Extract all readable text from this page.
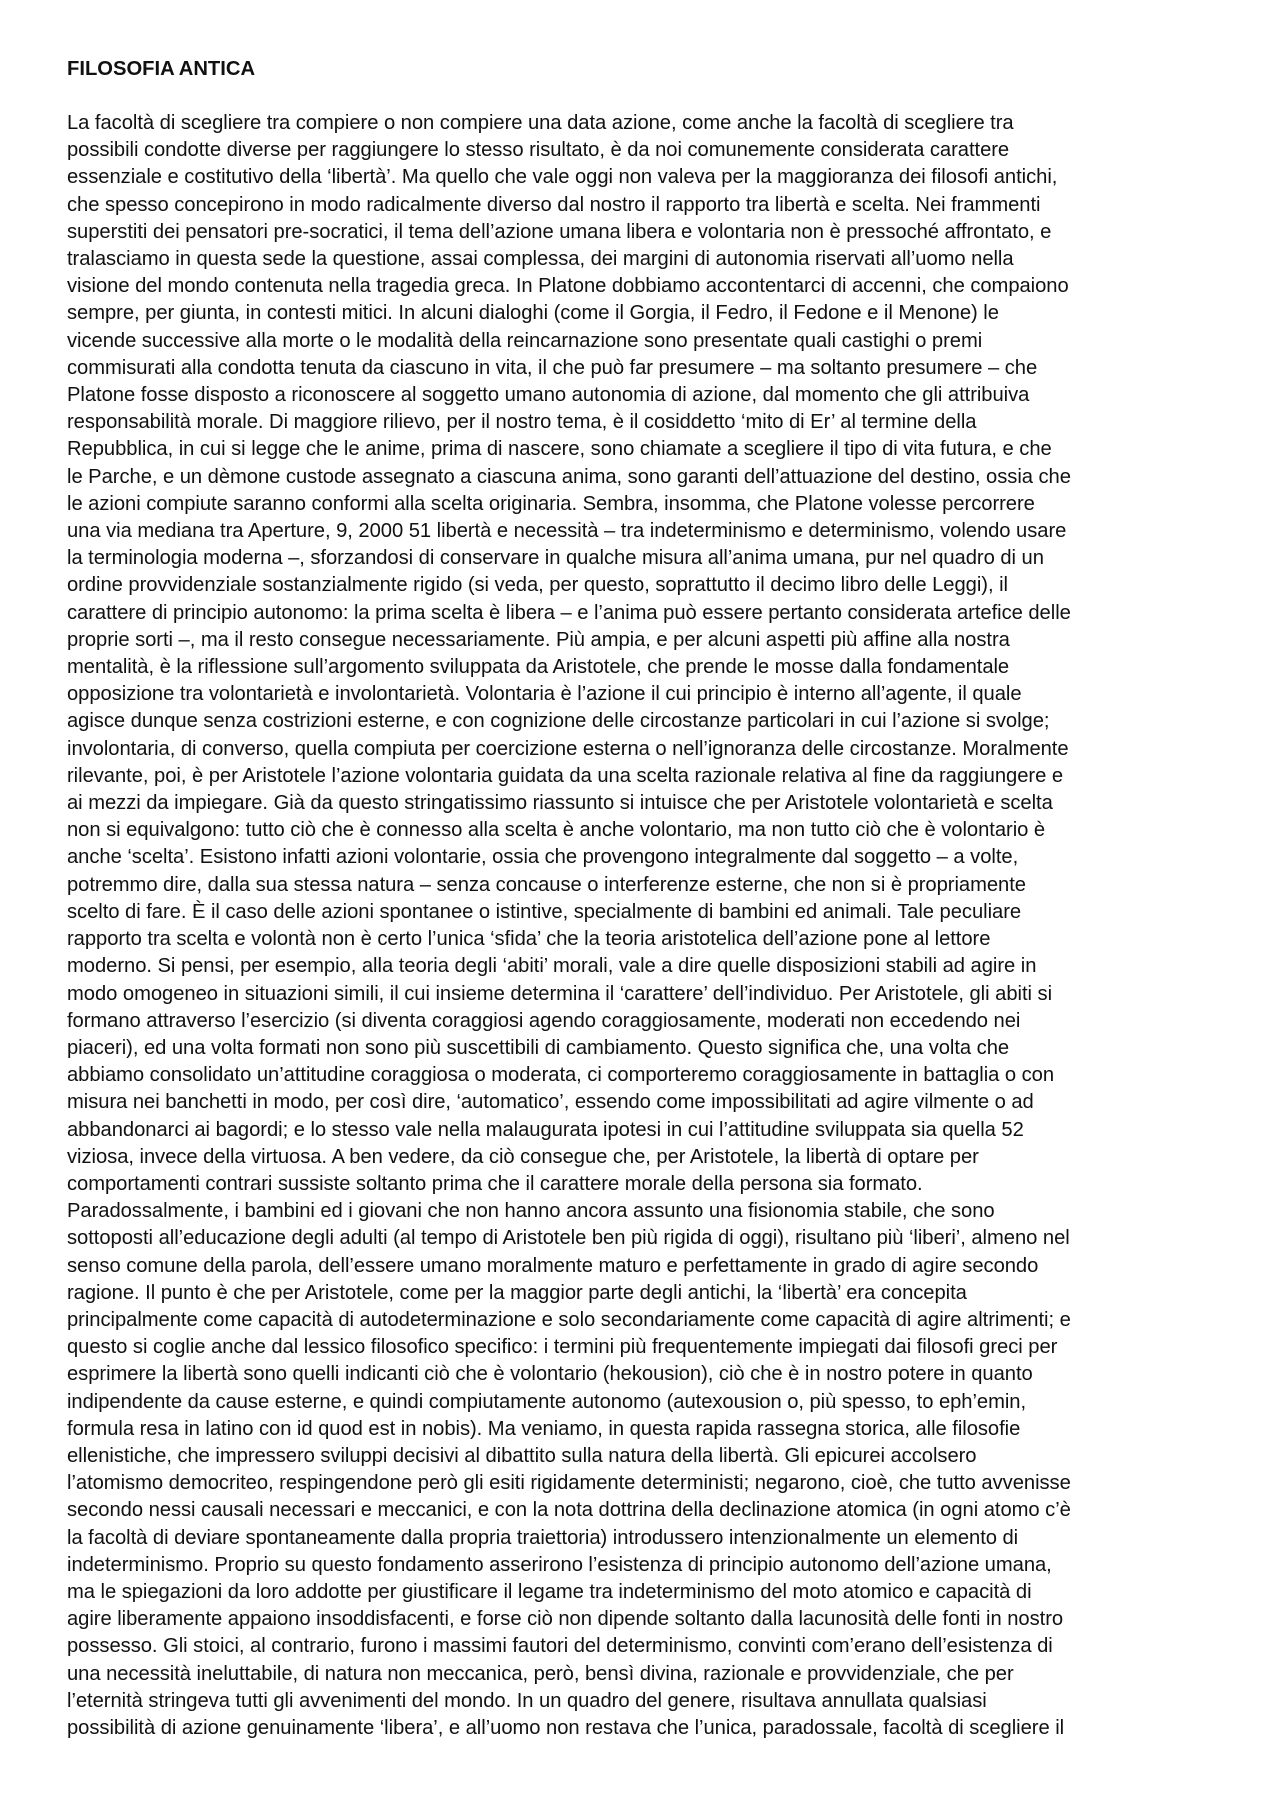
FILOSOFIA ANTICA
La facoltà di scegliere tra compiere o non compiere una data azione, come anche la facoltà di scegliere tra
possibili condotte diverse per raggiungere lo stesso risultato, è da noi comunemente considerata carattere
essenziale e costitutivo della ‘libertà’. Ma quello che vale oggi non valeva per la maggioranza dei filosofi antichi,
che spesso concepirono in modo radicalmente diverso dal nostro il rapporto tra libertà e scelta. Nei frammenti
superstiti dei pensatori pre-socratici, il tema dell’azione umana libera e volontaria non è pressoché affrontato, e
tralasciamo in questa sede la questione, assai complessa, dei margini di autonomia riservati all’uomo nella
visione del mondo contenuta nella tragedia greca. In Platone dobbiamo accontentarci di accenni, che compaiono
sempre, per giunta, in contesti mitici. In alcuni dialoghi (come il Gorgia, il Fedro, il Fedone e il Menone) le
vicende successive alla morte o le modalità della reincarnazione sono presentate quali castighi o premi
commisurati alla condotta tenuta da ciascuno in vita, il che può far presumere – ma soltanto presumere – che
Platone fosse disposto a riconoscere al soggetto umano autonomia di azione, dal momento che gli attribuiva
responsabilità morale. Di maggiore rilievo, per il nostro tema, è il cosiddetto ‘mito di Er’ al termine della
Repubblica, in cui si legge che le anime, prima di nascere, sono chiamate a scegliere il tipo di vita futura, e che
le Parche, e un dèmone custode assegnato a ciascuna anima, sono garanti dell’attuazione del destino, ossia che
le azioni compiute saranno conformi alla scelta originaria. Sembra, insomma, che Platone volesse percorrere
una via mediana tra Aperture, 9, 2000 51 libertà e necessità – tra indeterminismo e determinismo, volendo usare
la terminologia moderna –, sforzandosi di conservare in qualche misura all’anima umana, pur nel quadro di un
ordine provvidenziale sostanzialmente rigido (si veda, per questo, soprattutto il decimo libro delle Leggi), il
carattere di principio autonomo: la prima scelta è libera – e l’anima può essere pertanto considerata artefice delle
proprie sorti –, ma il resto consegue necessariamente. Più ampia, e per alcuni aspetti più affine alla nostra
mentalità, è la riflessione sull’argomento sviluppata da Aristotele, che prende le mosse dalla fondamentale
opposizione tra volontarietà e involontarietà. Volontaria è l’azione il cui principio è interno all’agente, il quale
agisce dunque senza costrizioni esterne, e con cognizione delle circostanze particolari in cui l’azione si svolge;
involontaria, di converso, quella compiuta per coercizione esterna o nell’ignoranza delle circostanze. Moralmente
rilevante, poi, è per Aristotele l’azione volontaria guidata da una scelta razionale relativa al fine da raggiungere e
ai mezzi da impiegare. Già da questo stringatissimo riassunto si intuisce che per Aristotele volontarietà e scelta
non si equivalgono: tutto ciò che è connesso alla scelta è anche volontario, ma non tutto ciò che è volontario è
anche ‘scelta’. Esistono infatti azioni volontarie, ossia che provengono integralmente dal soggetto – a volte,
potremmo dire, dalla sua stessa natura – senza concause o interferenze esterne, che non si è propriamente
scelto di fare. È il caso delle azioni spontanee o istintive, specialmente di bambini ed animali. Tale peculiare
rapporto tra scelta e volontà non è certo l’unica ‘sfida’ che la teoria aristotelica dell’azione pone al lettore
moderno. Si pensi, per esempio, alla teoria degli ‘abiti’ morali, vale a dire quelle disposizioni stabili ad agire in
modo omogeneo in situazioni simili, il cui insieme determina il ‘carattere’ dell’individuo. Per Aristotele, gli abiti si
formano attraverso l’esercizio (si diventa coraggiosi agendo coraggiosamente, moderati non eccedendo nei
piaceri), ed una volta formati non sono più suscettibili di cambiamento. Questo significa che, una volta che
abbiamo consolidato un’attitudine coraggiosa o moderata, ci comporteremo coraggiosamente in battaglia o con
misura nei banchetti in modo, per così dire, ‘automatico’, essendo come impossibilitati ad agire vilmente o ad
abbandonarci ai bagordi; e lo stesso vale nella malaugurata ipotesi in cui l’attitudine sviluppata sia quella 52
viziosa, invece della virtuosa. A ben vedere, da ciò consegue che, per Aristotele, la libertà di optare per
comportamenti contrari sussiste soltanto prima che il carattere morale della persona sia formato.
Paradossalmente, i bambini ed i giovani che non hanno ancora assunto una fisionomia stabile, che sono
sottoposti all’educazione degli adulti (al tempo di Aristotele ben più rigida di oggi), risultano più ‘liberi’, almeno nel
senso comune della parola, dell’essere umano moralmente maturo e perfettamente in grado di agire secondo
ragione. Il punto è che per Aristotele, come per la maggior parte degli antichi, la ‘libertà’ era concepita
principalmente come capacità di autodeterminazione e solo secondariamente come capacità di agire altrimenti; e
questo si coglie anche dal lessico filosofico specifico: i termini più frequentemente impiegati dai filosofi greci per
esprimere la libertà sono quelli indicanti ciò che è volontario (hekousion), ciò che è in nostro potere in quanto
indipendente da cause esterne, e quindi compiutamente autonomo (autexousion o, più spesso, to eph’emin,
formula resa in latino con id quod est in nobis). Ma veniamo, in questa rapida rassegna storica, alle filosofie
ellenistiche, che impressero sviluppi decisivi al dibattito sulla natura della libertà. Gli epicurei accolsero
l’atomismo democriteo, respingendone però gli esiti rigidamente deterministi; negarono, cioè, che tutto avvenisse
secondo nessi causali necessari e meccanici, e con la nota dottrina della declinazione atomica (in ogni atomo c’è
la facoltà di deviare spontaneamente dalla propria traiettoria) introdussero intenzionalmente un elemento di
indeterminismo. Proprio su questo fondamento asserirono l’esistenza di principio autonomo dell’azione umana,
ma le spiegazioni da loro addotte per giustificare il legame tra indeterminismo del moto atomico e capacità di
agire liberamente appaiono insoddisfacenti, e forse ciò non dipende soltanto dalla lacunosità delle fonti in nostro
possesso. Gli stoici, al contrario, furono i massimi fautori del determinismo, convinti com’erano dell’esistenza di
una necessità ineluttabile, di natura non meccanica, però, bensì divina, razionale e provvidenziale, che per
l’eternità stringeva tutti gli avvenimenti del mondo. In un quadro del genere, risultava annullata qualsiasi
possibilità di azione genuinamente ‘libera’, e all’uomo non restava che l’unica, paradossale, facoltà di scegliere il
